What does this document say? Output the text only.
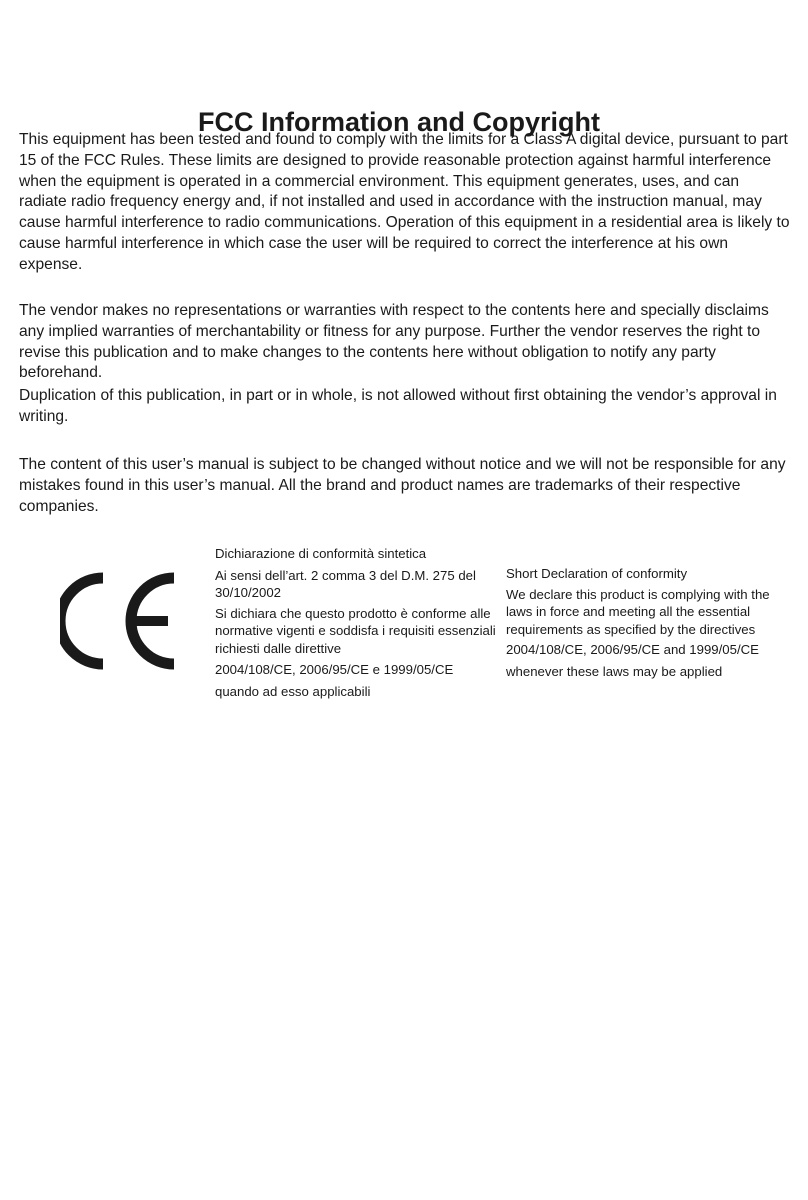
FCC Information and Copyright

This equipment has been tested and found to comply with the limits for a Class A digital device, pursuant to part 15 of the FCC Rules. These limits are designed to provide reasonable protection against harmful interference when the equipment is operated in a commercial environment. This equipment generates, uses, and can radiate radio frequency energy and, if not installed and used in accordance with the instruction manual, may cause harmful interference to radio communications. Operation of this equipment in a residential area is likely to cause harmful interference in which case the user will be required to correct the interference at his own expense.

The vendor makes no representations or warranties with respect to the contents here and specially disclaims any implied warranties of merchantability or fitness for any purpose. Further the vendor reserves the right to revise this publication and to make changes to the contents here without obligation to notify any party beforehand.

Duplication of this publication, in part or in whole, is not allowed without first obtaining the vendor’s approval in writing.

The content of this user’s manual is subject to be changed without notice and we will not be responsible for any mistakes found in this user’s manual. All the brand and product names are trademarks of their respective companies.

Dichiarazione di conformità sintetica

Ai sensi dell’art. 2 comma 3 del D.M. 275 del 30/10/2002

Si dichiara che questo prodotto è conforme alle normative vigenti e soddisfa i requisiti essenziali richiesti dalle direttive

2004/108/CE, 2006/95/CE e 1999/05/CE

quando ad esso applicabili

Short Declaration of conformity

We declare this product is complying with the laws in force and meeting all the essential requirements as specified by the directives

2004/108/CE, 2006/95/CE and 1999/05/CE

whenever these laws may be applied
